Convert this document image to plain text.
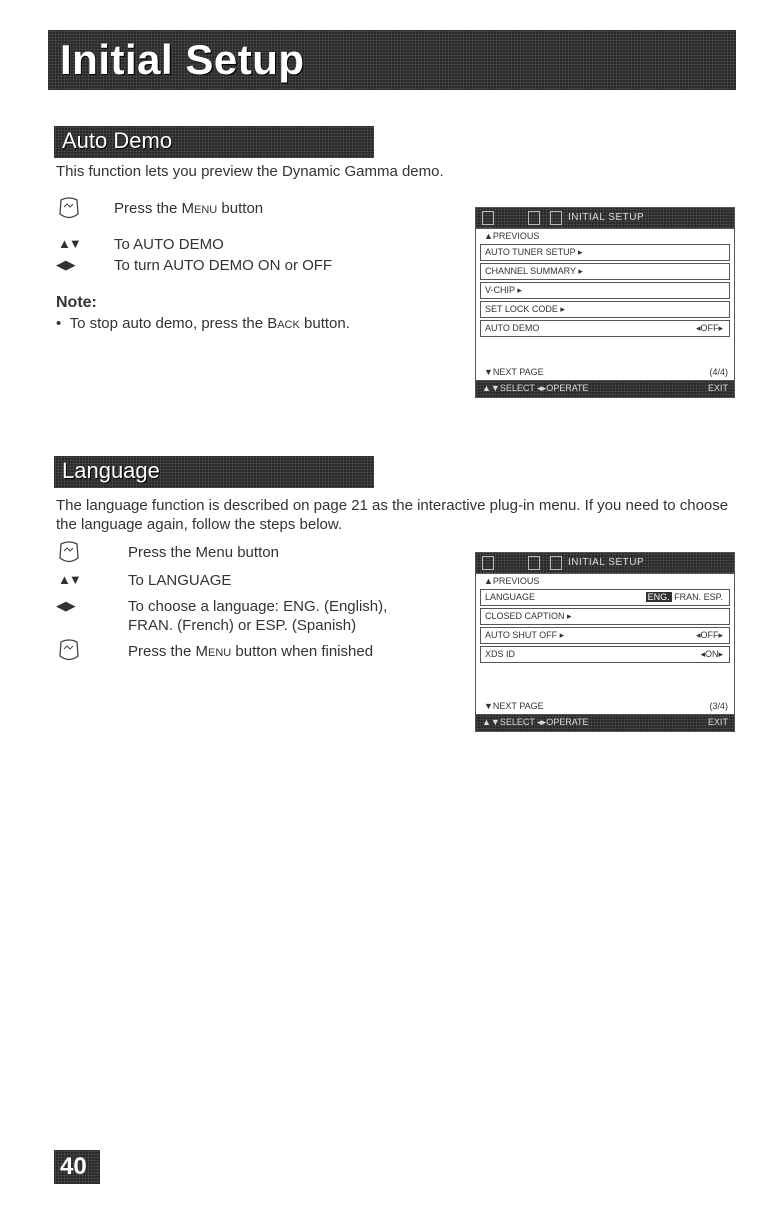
Initial Setup
Auto Demo
This function lets you preview the Dynamic Gamma demo.
Press the Menu button
▲▼ To AUTO DEMO
◀ ▶	To turn AUTO DEMO ON or OFF
Note:
•  To stop auto demo, press the Back button.
INITIAL SETUP
▲PREVIOUS
AUTO TUNER SETUP ▸
CHANNEL SUMMARY ▸
V-CHIP ▸
SET LOCK CODE ▸
AUTO DEMO	◂OFF▸
▼NEXT PAGE	(4/4)
▲▼SELECT ◂▸OPERATE	EXIT
Language
The language function is described on page 21 as the interactive plug-in menu. If you need to choose the language again, follow the steps below.
Press the Menu button
▲▼	To LANGUAGE
◀ ▶	To choose a language: ENG. (English), FRAN. (French) or ESP. (Spanish)
Press the Menu button when finished
INITIAL SETUP
▲PREVIOUS
LANGUAGE	ENG. FRAN. ESP.
CLOSED CAPTION ▸
AUTO SHUT OFF ▸	◂OFF▸
XDS ID	◂ON▸
▼NEXT PAGE	(3/4)
▲▼SELECT ◂▸OPERATE	EXIT
40
